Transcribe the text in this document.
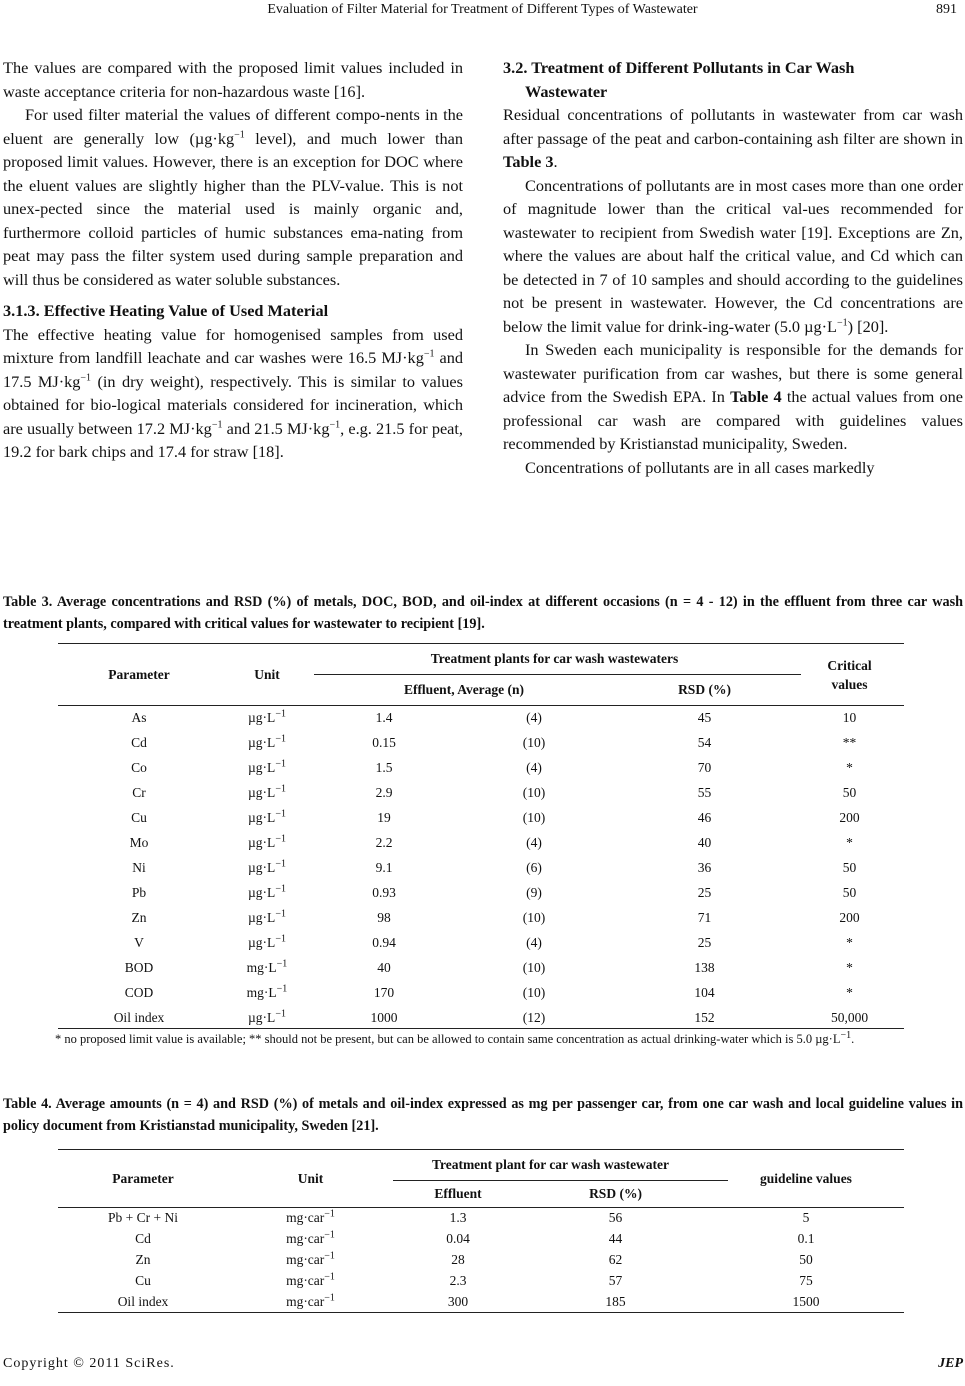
Evaluation of Filter Material for Treatment of Different Types of Wastewater	891

The values are compared with the proposed limit values included in waste acceptance criteria for non-hazardous waste [16].

For used filter material the values of different compo-nents in the eluent are generally low ($\mu g\cdot kg^{-1}$ level), and much lower than proposed limit values. However, there is an exception for DOC where the eluent values are slightly higher than the PLV-value. This is not unex-pected since the material used is mainly organic and, furthermore colloid particles of humic substances ema-nating from peat may pass the filter system used during sample preparation and will thus be considered as water soluble substances.

3.1.3. Effective Heating Value of Used Material

The effective heating value for homogenised samples from used mixture from landfill leachate and car washes were 16.5 $MJ\cdot kg^{-1}$ and 17.5 $MJ\cdot kg^{-1}$ (in dry weight), respectively. This is similar to values obtained for bio-logical materials considered for incineration, which are usually between 17.2 $MJ\cdot kg^{-1}$ and 21.5 $MJ\cdot kg^{-1}$, e.g. 21.5 for peat, 19.2 for bark chips and 17.4 for straw [18].

3.2. Treatment of Different Pollutants in Car Wash
Wastewater

Residual concentrations of pollutants in wastewater from car wash after passage of the peat and carbon-containing ash filter are shown in Table 3.

Concentrations of pollutants are in most cases more than one order of magnitude lower than the critical val-ues recommended for wastewater to recipient from Swedish water [19]. Exceptions are Zn, where the values are about half the critical value, and Cd which can be detected in 7 of 10 samples and should according to the guidelines not be present in wastewater. However, the Cd concentrations are below the limit value for drink-ing-water (5.0 $\mu g\cdot L^{-1}$) [20].

In Sweden each municipality is responsible for the demands for wastewater purification from car washes, but there is some general advice from the Swedish EPA. In Table 4 the actual values from one professional car wash are compared with guidelines values recommended by Kristianstad municipality, Sweden.

Concentrations of pollutants are in all cases markedly

Table 3. Average concentrations and RSD (%) of metals, DOC, BOD, and oil-index at different occasions (n = 4 - 12) in the effluent from three car wash treatment plants, compared with critical values for wastewater to recipient [19].
Parameter	Unit	Treatment plants for car wash wastewaters			Critical
values
		Effluent, Average (n)		RSD (%)	
As	$\mu g\cdot L^{-1}$	1.4	(4)	45	10
Cd	$\mu g\cdot L^{-1}$	0.15	(10)	54	**
Co	$\mu g\cdot L^{-1}$	1.5	(4)	70	*
Cr	$\mu g\cdot L^{-1}$	2.9	(10)	55	50
Cu	$\mu g\cdot L^{-1}$	19	(10)	46	200
Mo	$\mu g\cdot L^{-1}$	2.2	(4)	40	*
Ni	$\mu g\cdot L^{-1}$	9.1	(6)	36	50
Pb	$\mu g\cdot L^{-1}$	0.93	(9)	25	50
Zn	$\mu g\cdot L^{-1}$	98	(10)	71	200
V	$\mu g\cdot L^{-1}$	0.94	(4)	25	*
BOD	$mg\cdot L^{-1}$	40	(10)	138	*
COD	$mg\cdot L^{-1}$	170	(10)	104	*
Oil index	$\mu g\cdot L^{-1}$	1000	(12)	152	50,000
* no proposed limit value is available; ** should not be present, but can be allowed to contain same concentration as actual drinking-water which is 5.0 $\mu g\cdot L^{-1}$.
Table 4. Average amounts (n = 4) and RSD (%) of metals and oil-index expressed as mg per passenger car, from one car wash and local guideline values in policy document from Kristianstad municipality, Sweden [21].
Parameter	Unit	Treatment plant for car wash wastewater		guideline values
		Effluent	RSD (%)	
Pb + Cr + Ni	mg·car$^{-1}$	1.3	56	5
Cd	mg·car$^{-1}$	0.04	44	0.1
Zn	mg·car$^{-1}$	28	62	50
Cu	mg·car$^{-1}$	2.3	57	75
Oil index	mg·car$^{-1}$	300	185	1500
Copyright © 2011 SciRes.	JEP
